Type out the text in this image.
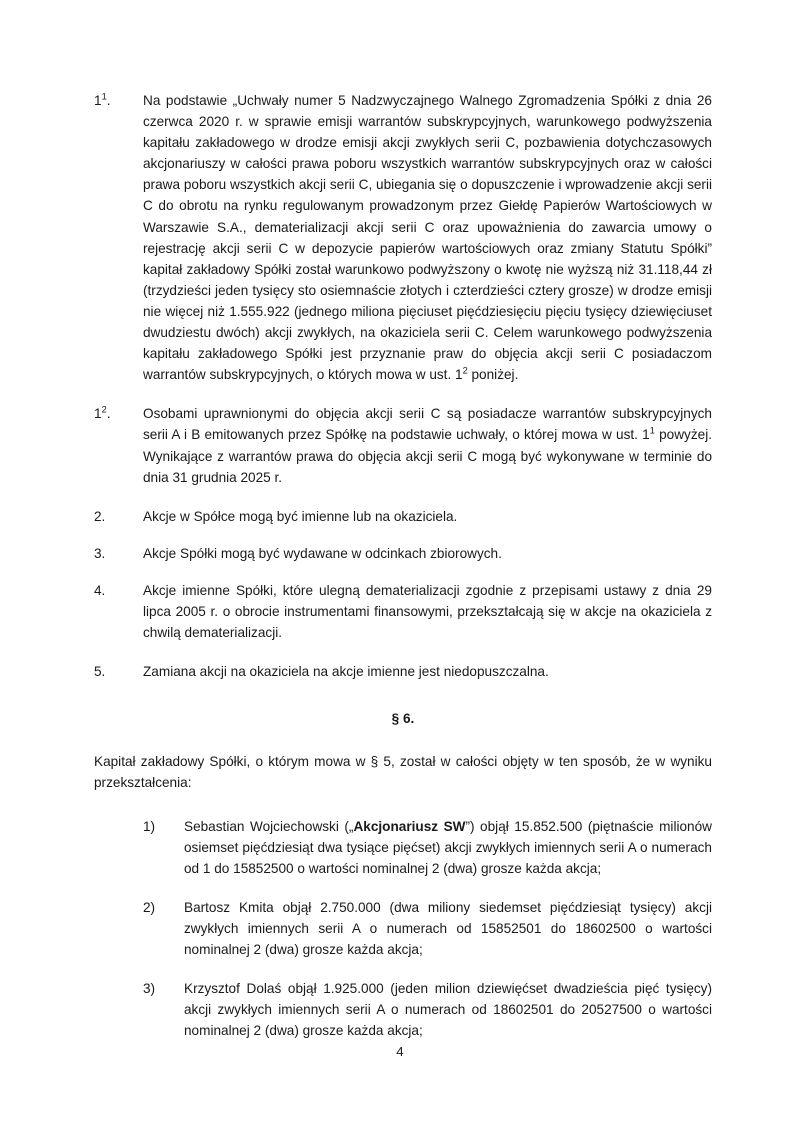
$1^1$.	Na podstawie „Uchwały numer 5 Nadzwyczajnego Walnego Zgromadzenia Spółki z dnia 26 czerwca 2020 r. w sprawie emisji warrantów subskrypcyjnych, warunkowego podwyższenia kapitału zakładowego w drodze emisji akcji zwykłych serii C, pozbawienia dotychczasowych akcjonariuszy w całości prawa poboru wszystkich warrantów subskrypcyjnych oraz w całości prawa poboru wszystkich akcji serii C, ubiegania się o dopuszczenie i wprowadzenie akcji serii C do obrotu na rynku regulowanym prowadzonym przez Giełdę Papierów Wartościowych w Warszawie S.A., dematerializacji akcji serii C oraz upoważnienia do zawarcia umowy o rejestrację akcji serii C w depozycie papierów wartościowych oraz zmiany Statutu Spółki” kapitał zakładowy Spółki został warunkowo podwyższony o kwotę nie wyższą niż 31.118,44 zł (trzydzieści jeden tysięcy sto osiemnaście złotych i czterdzieści cztery grosze) w drodze emisji nie więcej niż 1.555.922 (jednego miliona pięciuset pięćdziesięciu pięciu tysięcy dziewięciuset dwudziestu dwóch) akcji zwykłych, na okaziciela serii C. Celem warunkowego podwyższenia kapitału zakładowego Spółki jest przyznanie praw do objęcia akcji serii C posiadaczom warrantów subskrypcyjnych, o których mowa w ust. $1^2$ poniżej.
$1^2$.	Osobami uprawnionymi do objęcia akcji serii C są posiadacze warrantów subskrypcyjnych serii A i B emitowanych przez Spółkę na podstawie uchwały, o której mowa w ust. $1^1$ powyżej. Wynikające z warrantów prawa do objęcia akcji serii C mogą być wykonywane w terminie do dnia 31 grudnia 2025 r.
2.	Akcje w Spółce mogą być imienne lub na okaziciela.
3.	Akcje Spółki mogą być wydawane w odcinkach zbiorowych.
4.	Akcje imienne Spółki, które ulegną dematerializacji zgodnie z przepisami ustawy z dnia 29 lipca 2005 r. o obrocie instrumentami finansowymi, przekształcają się w akcje na okaziciela z chwilą dematerializacji.
5.	Zamiana akcji na okaziciela na akcje imienne jest niedopuszczalna.
§ 6.

Kapitał zakładowy Spółki, o którym mowa w § 5, został w całości objęty w ten sposób, że w wyniku przekształcenia:

1)	Sebastian Wojciechowski („Akcjonariusz SW”) objął 15.852.500 (piętnaście milionów osiemset pięćdziesiąt dwa tysiące pięćset) akcji zwykłych imiennych serii A o numerach od 1 do 15852500 o wartości nominalnej 2 (dwa) grosze każda akcja;
2)	Bartosz Kmita objął 2.750.000 (dwa miliony siedemset pięćdziesiąt tysięcy) akcji zwykłych imiennych serii A o numerach od 15852501 do 18602500 o wartości nominalnej 2 (dwa) grosze każda akcja;
3)	Krzysztof Dolaś objął 1.925.000 (jeden milion dziewięćset dwadzieścia pięć tysięcy) akcji zwykłych imiennych serii A o numerach od 18602501 do 20527500 o wartości nominalnej 2 (dwa) grosze każda akcja;
4
